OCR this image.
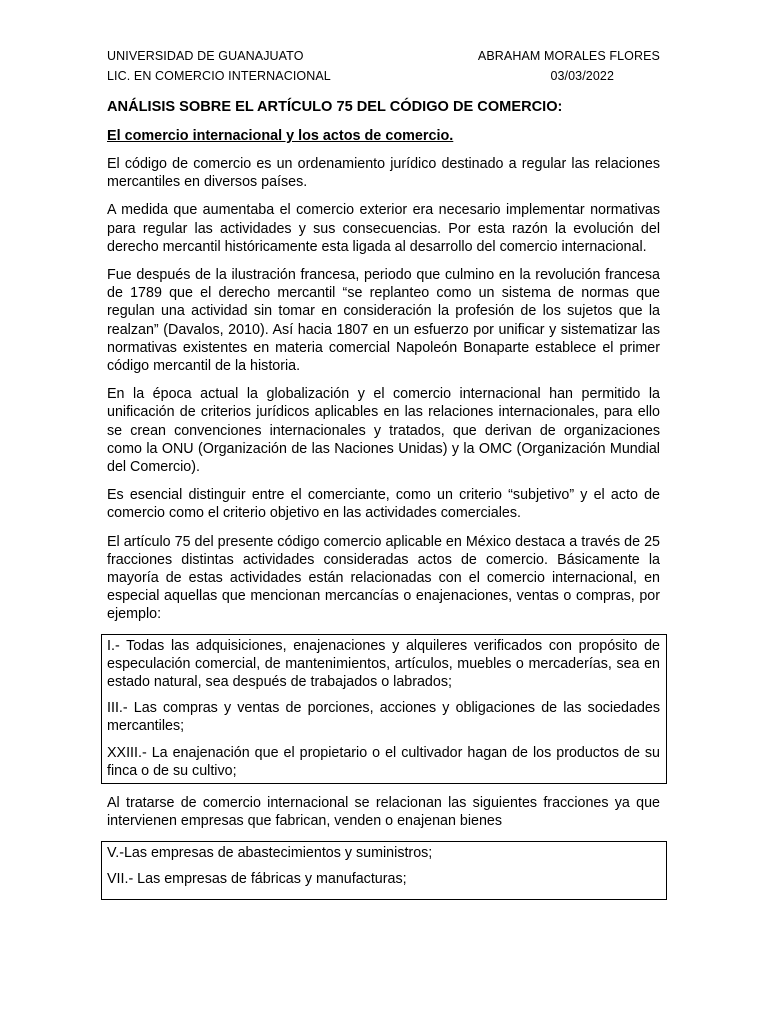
UNIVERSIDAD DE GUANAJUATO	ABRAHAM MORALES FLORES
LIC. EN COMERCIO INTERNACIONAL	03/03/2022
ANÁLISIS SOBRE EL ARTÍCULO 75 DEL CÓDIGO DE COMERCIO:
El comercio internacional y los actos de comercio.

El código de comercio es un ordenamiento jurídico destinado a regular las relaciones mercantiles en diversos países.

A medida que aumentaba el comercio exterior era necesario implementar normativas para regular las actividades y sus consecuencias. Por esta razón la evolución del derecho mercantil históricamente esta ligada al desarrollo del comercio internacional.

Fue después de la ilustración francesa, periodo que culmino en la revolución francesa de 1789 que el derecho mercantil “se replanteo como un sistema de normas que regulan una actividad sin tomar en consideración la profesión de los sujetos que la realzan” (Davalos, 2010). Así hacia 1807 en un esfuerzo por unificar y sistematizar las normativas existentes en materia comercial Napoleón Bonaparte establece el primer código mercantil de la historia.

En la época actual la globalización y el comercio internacional han permitido la unificación de criterios jurídicos aplicables en las relaciones internacionales, para ello se crean convenciones internacionales y tratados, que derivan de organizaciones como la ONU (Organización de las Naciones Unidas) y la OMC (Organización Mundial del Comercio).

Es esencial distinguir entre el comerciante, como un criterio “subjetivo” y el acto de comercio como el criterio objetivo en las actividades comerciales.

El artículo 75 del presente código comercio aplicable en México destaca a través de 25 fracciones distintas actividades consideradas actos de comercio. Básicamente la mayoría de estas actividades están relacionadas con el comercio internacional, en especial aquellas que mencionan mercancías o enajenaciones, ventas o compras, por ejemplo:

I.- Todas las adquisiciones, enajenaciones y alquileres verificados con propósito de especulación comercial, de mantenimientos, artículos, muebles o mercaderías, sea en estado natural, sea después de trabajados o labrados;

III.- Las compras y ventas de porciones, acciones y obligaciones de las sociedades mercantiles;

XXIII.- La enajenación que el propietario o el cultivador hagan de los productos de su finca o de su cultivo;

Al tratarse de comercio internacional se relacionan las siguientes fracciones ya que intervienen empresas que fabrican, venden o enajenan bienes

V.-Las empresas de abastecimientos y suministros;

VII.- Las empresas de fábricas y manufacturas;
